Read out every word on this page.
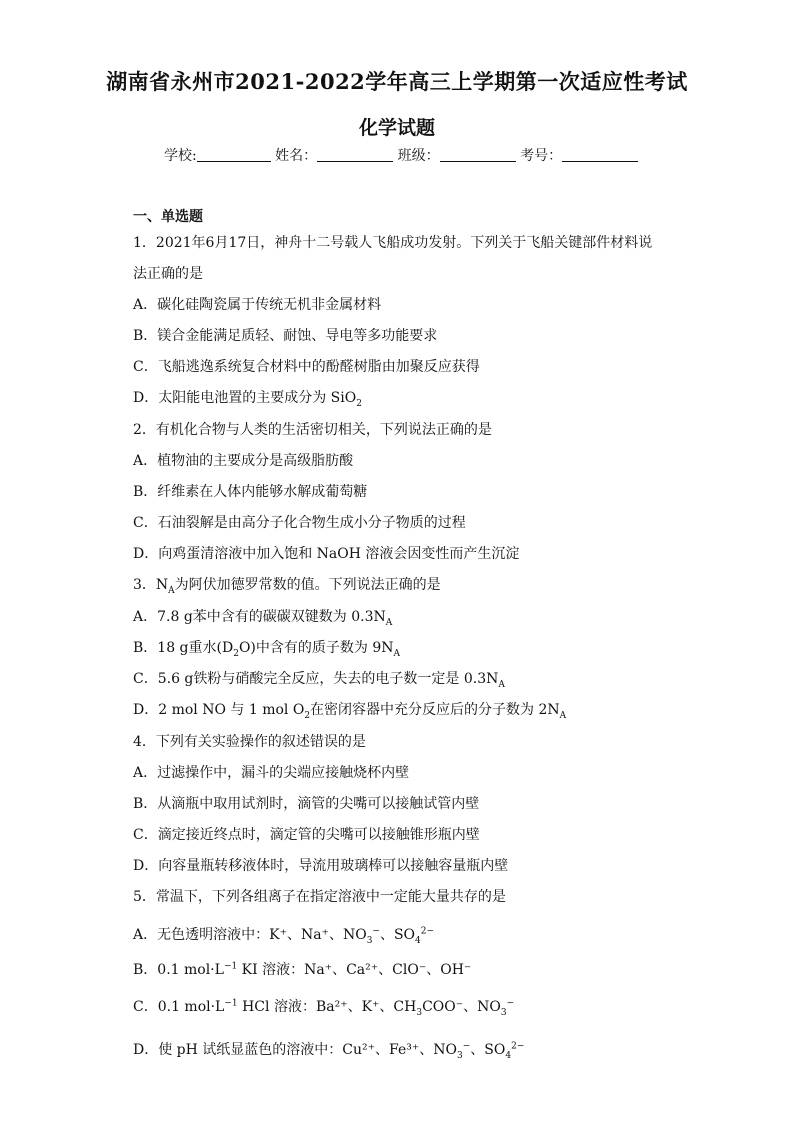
湖南省永州市2021-2022学年高三上学期第一次适应性考试
化学试题
学校:	姓名：	班级：	考号：
一、单选题
1．2021年6月17日，神舟十二号载人飞船成功发射。下列关于飞船关键部件材料说
法正确的是
A．碳化硅陶瓷属于传统无机非金属材料
B．镁合金能满足质轻、耐蚀、导电等多功能要求
C．飞船逃逸系统复合材料中的酚醛树脂由加聚反应获得
D．太阳能电池置的主要成分为 SiO$_2$
2．有机化合物与人类的生活密切相关，下列说法正确的是
A．植物油的主要成分是高级脂肪酸
B．纤维素在人体内能够水解成葡萄糖
C．石油裂解是由高分子化合物生成小分子物质的过程
D．向鸡蛋清溶液中加入饱和 NaOH 溶液会因变性而产生沉淀
3．$N_A$为阿伏加德罗常数的值。下列说法正确的是
A．7.8 g苯中含有的碳碳双键数为 $0.3N_A$
B．18 g重水$(D_2O)$中含有的质子数为 $9N_A$
C．5.6 g铁粉与硝酸完全反应，失去的电子数一定是 $0.3N_A$
D．2 mol NO 与 1 mol $O_2$在密闭容器中充分反应后的分子数为 $2N_A$
4．下列有关实验操作的叙述错误的是
A．过滤操作中，漏斗的尖端应接触烧杯内壁
B．从滴瓶中取用试剂时，滴管的尖嘴可以接触试管内壁
C．滴定接近终点时，滴定管的尖嘴可以接触锥形瓶内壁
D．向容量瓶转移液体时，导流用玻璃棒可以接触容量瓶内壁
5．常温下，下列各组离子在指定溶液中一定能大量共存的是
A．无色透明溶液中：K⁺、Na⁺、$NO_3^-$、$SO_4^{2-}$
B．0.1 $mol\cdot L^{-1}$ KI 溶液：Na⁺、Ca²⁺、ClO⁻、OH⁻
C．0.1 $mol\cdot L^{-1}$ HCl 溶液：Ba²⁺、K⁺、$CH_3COO^-$、$NO_3^-$
D．使 pH 试纸显蓝色的溶液中：Cu²⁺、Fe³⁺、$NO_3^-$、$SO_4^{2-}$
